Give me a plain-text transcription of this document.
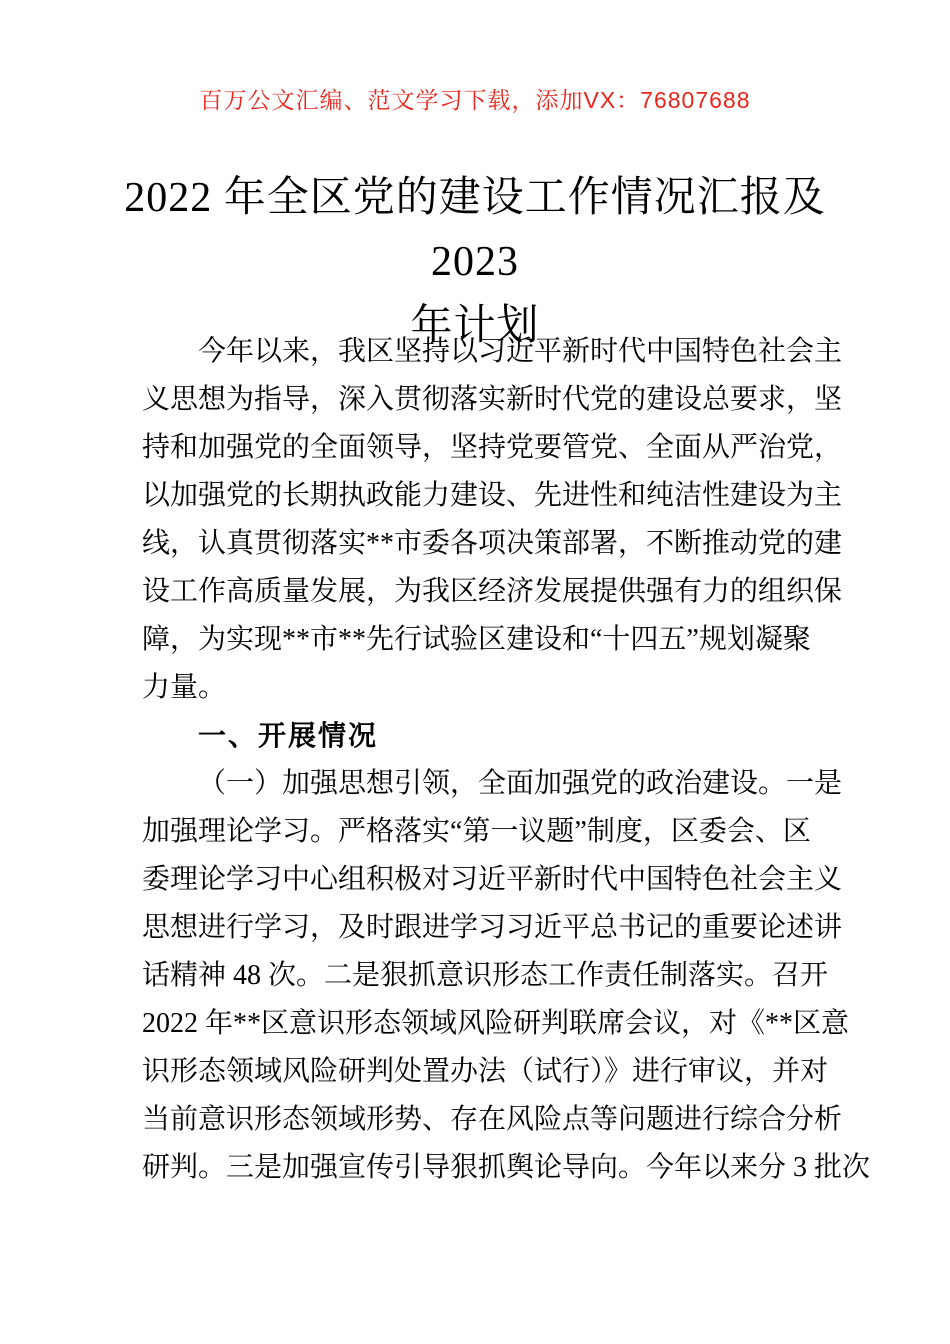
百万公文汇编、范文学习下载，添加VX：76807688
2022 年全区党的建设工作情况汇报及 2023
年计划
今年以来，我区坚持以习近平新时代中国特色社会主
义思想为指导，深入贯彻落实新时代党的建设总要求，坚
持和加强党的全面领导，坚持党要管党、全面从严治党，
以加强党的长期执政能力建设、先进性和纯洁性建设为主
线，认真贯彻落实**市委各项决策部署，不断推动党的建
设工作高质量发展，为我区经济发展提供强有力的组织保
障，为实现**市**先行试验区建设和“十四五”规划凝聚
力量。
一、开展情况
（一）加强思想引领，全面加强党的政治建设。一是
加强理论学习。严格落实“第一议题”制度，区委会、区
委理论学习中心组积极对习近平新时代中国特色社会主义
思想进行学习，及时跟进学习习近平总书记的重要论述讲
话精神 48 次。二是狠抓意识形态工作责任制落实。召开
2022 年**区意识形态领域风险研判联席会议，对《**区意
识形态领域风险研判处置办法（试行）》进行审议，并对
当前意识形态领域形势、存在风险点等问题进行综合分析
研判。三是加强宣传引导狠抓舆论导向。今年以来分 3 批次
